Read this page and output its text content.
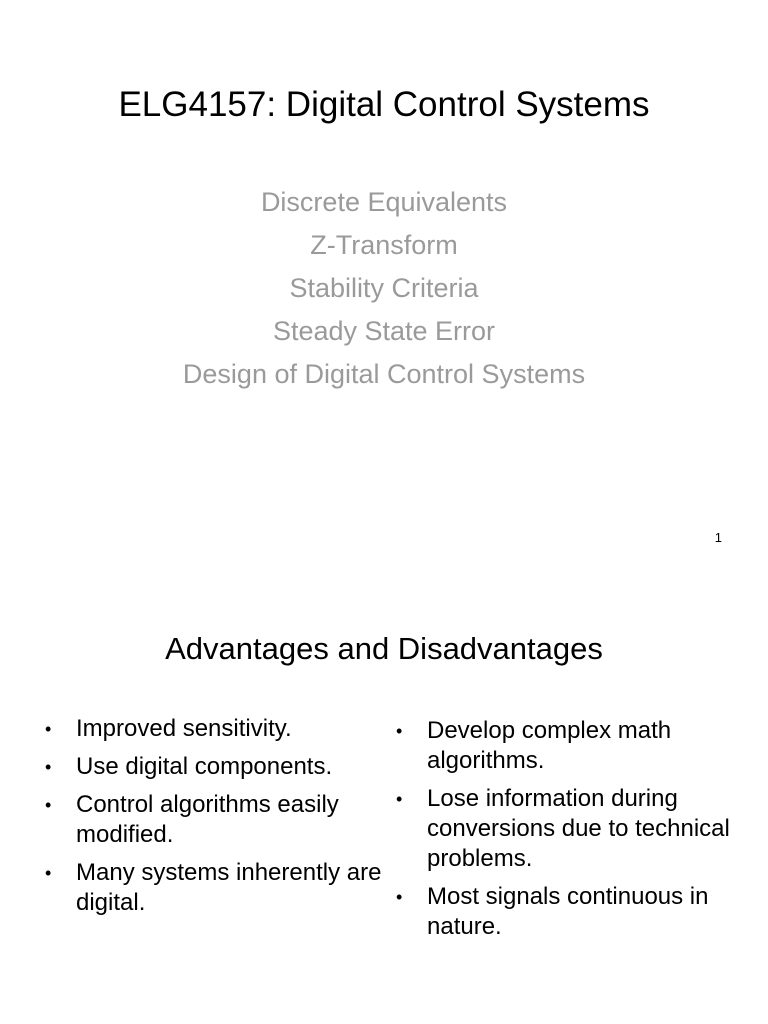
ELG4157: Digital Control Systems
Discrete Equivalents
Z-Transform
Stability Criteria
Steady State Error
Design of Digital Control Systems
1
Advantages and Disadvantages
• Improved sensitivity.
• Use digital components.
• Control algorithms easily modified.
• Many systems inherently are digital.
• Develop complex math algorithms.
• Lose information during conversions due to technical problems.
• Most signals continuous in nature.
